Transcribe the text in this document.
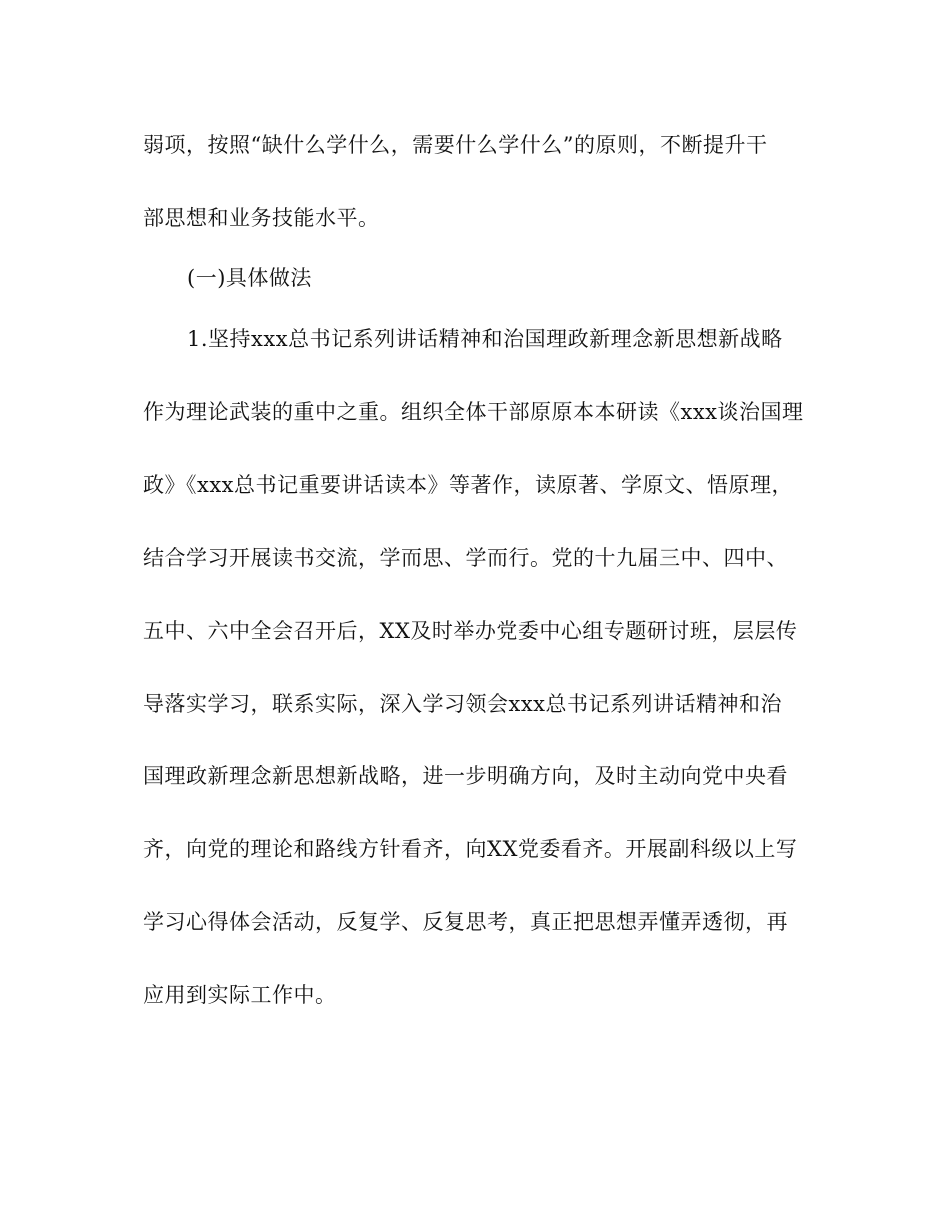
弱项，按照“缺什么学什么，需要什么学什么”的原则，不断提升干
部思想和业务技能水平。
(一)具体做法
1.坚持xxx总书记系列讲话精神和治国理政新理念新思想新战略
作为理论武装的重中之重。组织全体干部原原本本研读《xxx谈治国理
政》《xxx总书记重要讲话读本》等著作，读原著、学原文、悟原理，
结合学习开展读书交流，学而思、学而行。党的十九届三中、四中、
五中、六中全会召开后，XX及时举办党委中心组专题研讨班，层层传
导落实学习，联系实际，深入学习领会xxx总书记系列讲话精神和治
国理政新理念新思想新战略，进一步明确方向，及时主动向党中央看
齐，向党的理论和路线方针看齐，向XX党委看齐。开展副科级以上写
学习心得体会活动，反复学、反复思考，真正把思想弄懂弄透彻，再
应用到实际工作中。
